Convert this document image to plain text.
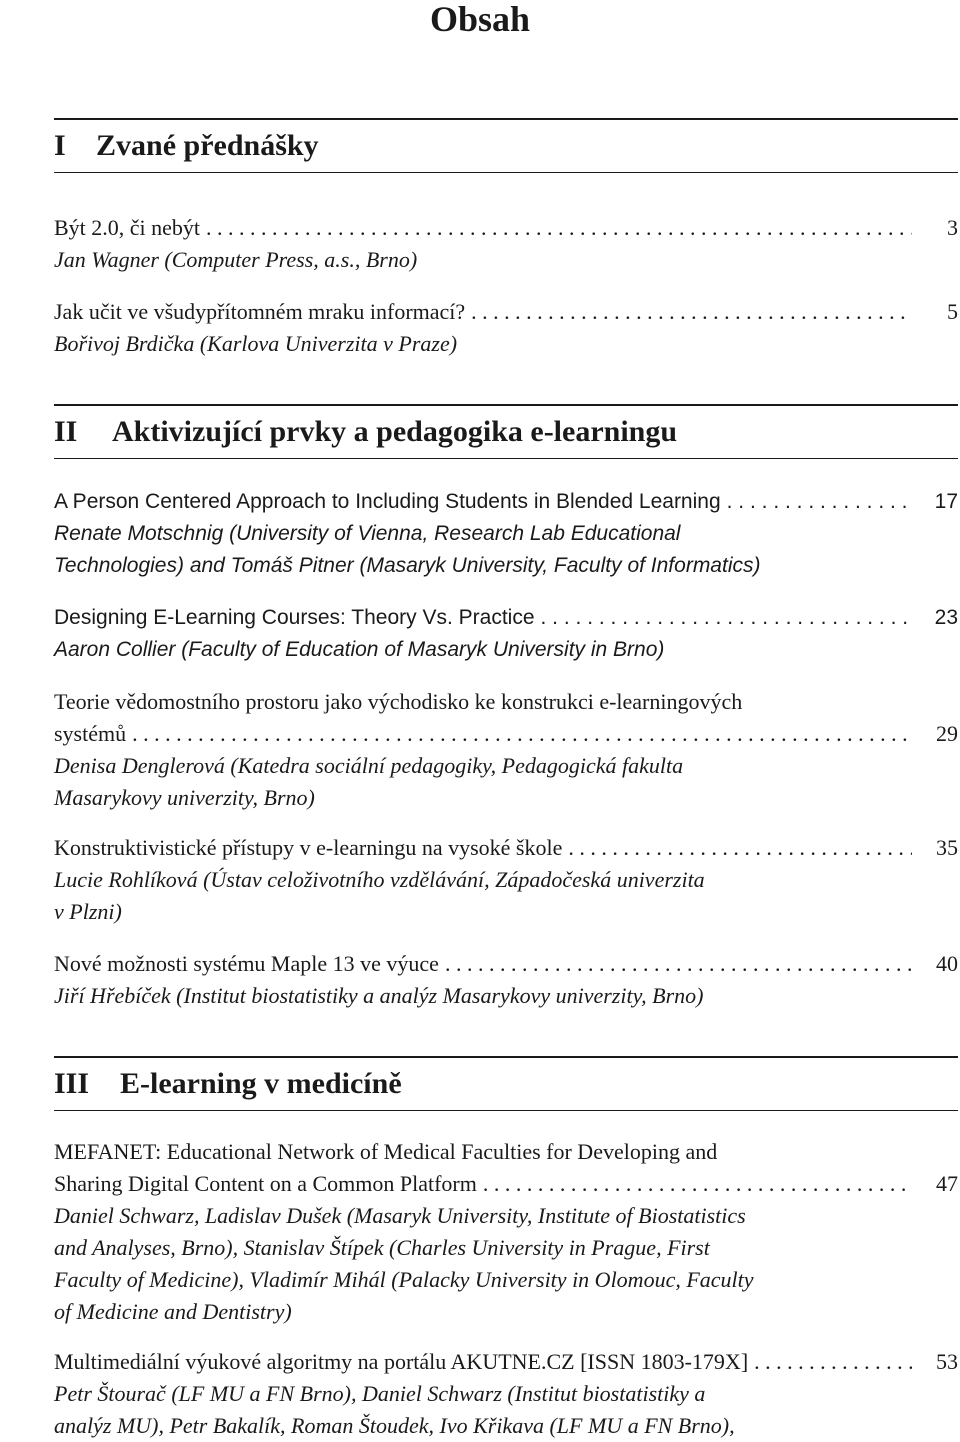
Obsah
I	Zvané přednášky
Být 2.0, či nebýt . . .	3
Jan Wagner (Computer Press, a.s., Brno)
Jak učit ve všudypřítomném mraku informací? . . .	5
Bořivoj Brdička (Karlova Univerzita v Praze)
II	Aktivizující prvky a pedagogika e-learningu
A Person Centered Approach to Including Students in Blended Learning . . .	17
Renate Motschnig (University of Vienna, Research Lab Educational
Technologies) and Tomáš Pitner (Masaryk University, Faculty of Informatics)
Designing E-Learning Courses: Theory Vs. Practice . . .	23
Aaron Collier (Faculty of Education of Masaryk University in Brno)
Teorie vědomostního prostoru jako východisko ke konstrukci e-learningových
systémů . . .	29
Denisa Denglerová (Katedra sociální pedagogiky, Pedagogická fakulta
Masarykovy univerzity, Brno)
Konstruktivistické přístupy v e-learningu na vysoké škole . . .	35
Lucie Rohlíková (Ústav celoživotního vzdělávání, Západočeská univerzita
v Plzni)
Nové možnosti systému Maple 13 ve výuce . . .	40
Jiří Hřebíček (Institut biostatistiky a analýz Masarykovy univerzity, Brno)
III	E-learning v medicíně
MEFANET: Educational Network of Medical Faculties for Developing and
Sharing Digital Content on a Common Platform . . .	47
Daniel Schwarz, Ladislav Dušek (Masaryk University, Institute of Biostatistics
and Analyses, Brno), Stanislav Štípek (Charles University in Prague, First
Faculty of Medicine), Vladimír Mihál (Palacky University in Olomouc, Faculty
of Medicine and Dentistry)
Multimediální výukové algoritmy na portálu AKUTNE.CZ [ISSN 1803-179X] . . .	53
Petr Štourač (LF MU a FN Brno), Daniel Schwarz (Institut biostatistiky a
analýz MU), Petr Bakalík, Roman Štoudek, Ivo Křikava (LF MU a FN Brno),
